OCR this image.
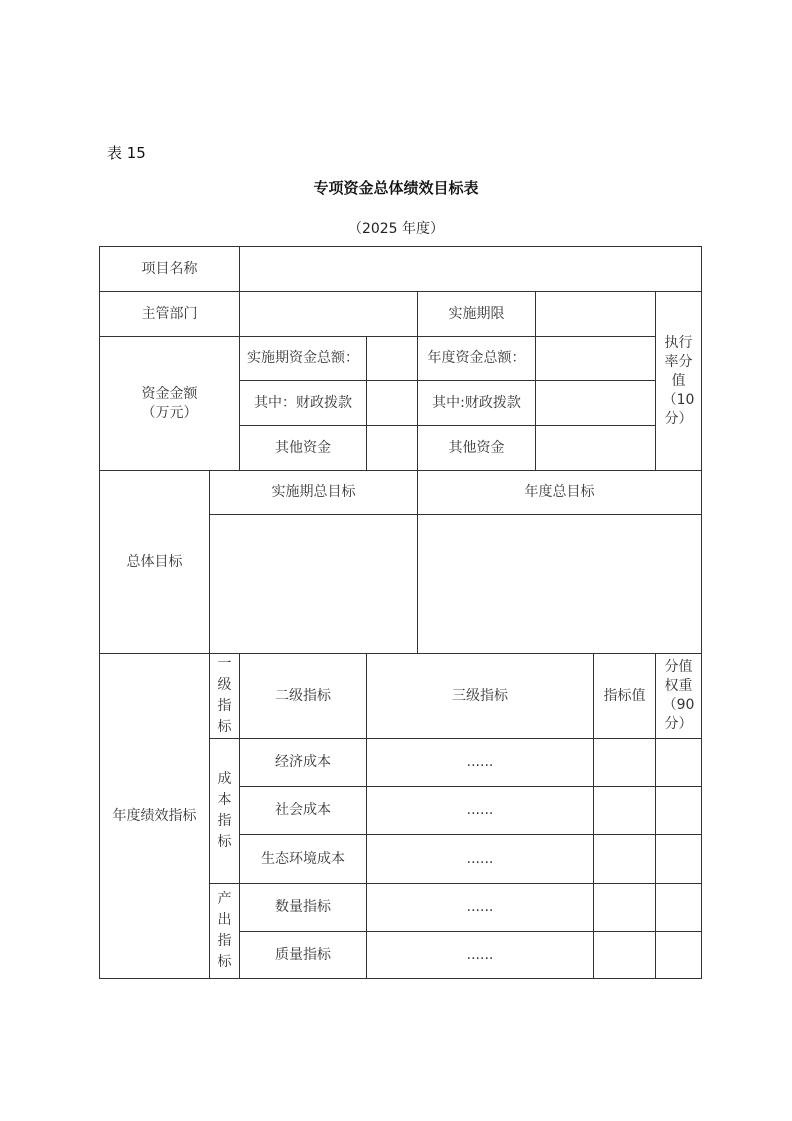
表 15
专项资金总体绩效目标表
（2025 年度）
项目名称							
主管部门				实施期限			执行率分值（10分）
资金金额（万元）		实施期资金总额：		年度资金总额：			
		其中：财政拨款		其中:财政拨款			
		其他资金		其他资金			
总体目标	实施期总目标			年度总目标			

年度绩效指标	一级指标	二级指标	三级指标			指标值	分值权重（90分）
	成本指标	经济成本	......				
		社会成本	......				
		生态环境成本	......				
	产出指标	数量指标	......				
		质量指标	......				
